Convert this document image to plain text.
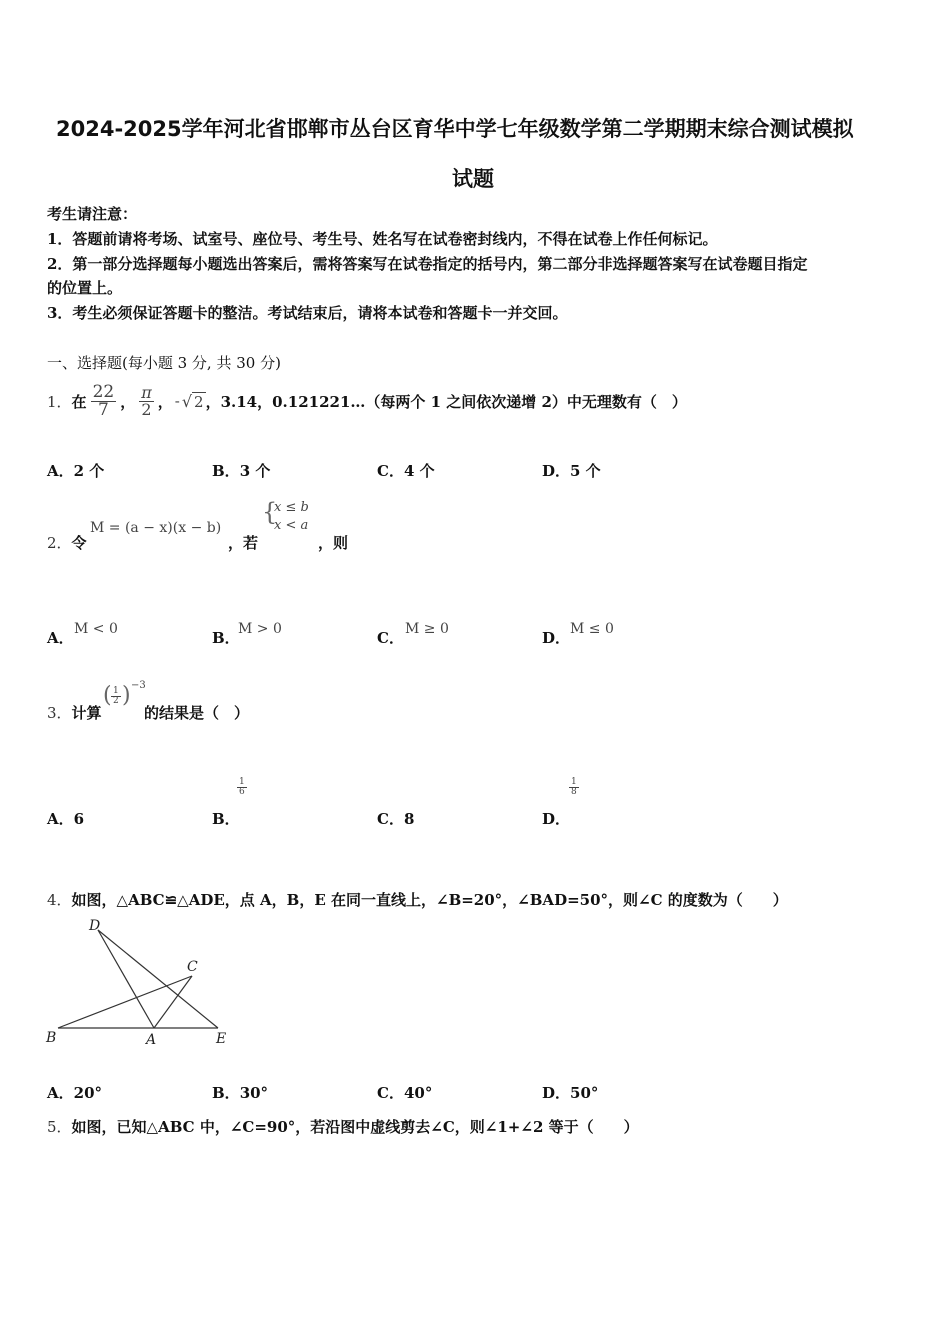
2024-2025学年河北省邯郸市丛台区育华中学七年级数学第二学期期末综合测试模拟
试题
考生请注意：
1．答题前请将考场、试室号、座位号、考生号、姓名写在试卷密封线内，不得在试卷上作任何标记。
2．第一部分选择题每小题选出答案后，需将答案写在试卷指定的括号内，第二部分非选择题答案写在试卷题目指定
的位置上。
3．考生必须保证答题卡的整洁。考试结束后，请将本试卷和答题卡一并交回。
一、选择题(每小题 3 分, 共 30 分)
1． 在 $\frac{22}{7}$ ， $\frac{\pi}{2}$ ， - √ 2 ，3.14，0.121221…（每两个 1 之间依次递增 2）中无理数有（　）
A．2 个	B．3 个	C．4 个	D．5 个
2．令
M = (a − x)(x − b)
，若
{
x ≤ b
x < a
，则
A． M < 0	B．
M > 0	C． M ≥ 0	D． M ≤ 0
3．计算
( $\frac{1}{2}$ ) −3
的结果是（　）
A．6	B．
$\frac{1}{6}$
C．8	D．
$\frac{1}{8}$
4．如图，△ABC≌△ADE，点 A，B，E 在同一直线上，∠B=20°，∠BAD=50°，则∠C 的度数为（　　）
D
C
B	A	E
A．20°	B．30°	C．40°	D．50°
5．如图，已知△ABC 中，∠C=90°，若沿图中虚线剪去∠C，则∠1+∠2 等于（　　）
